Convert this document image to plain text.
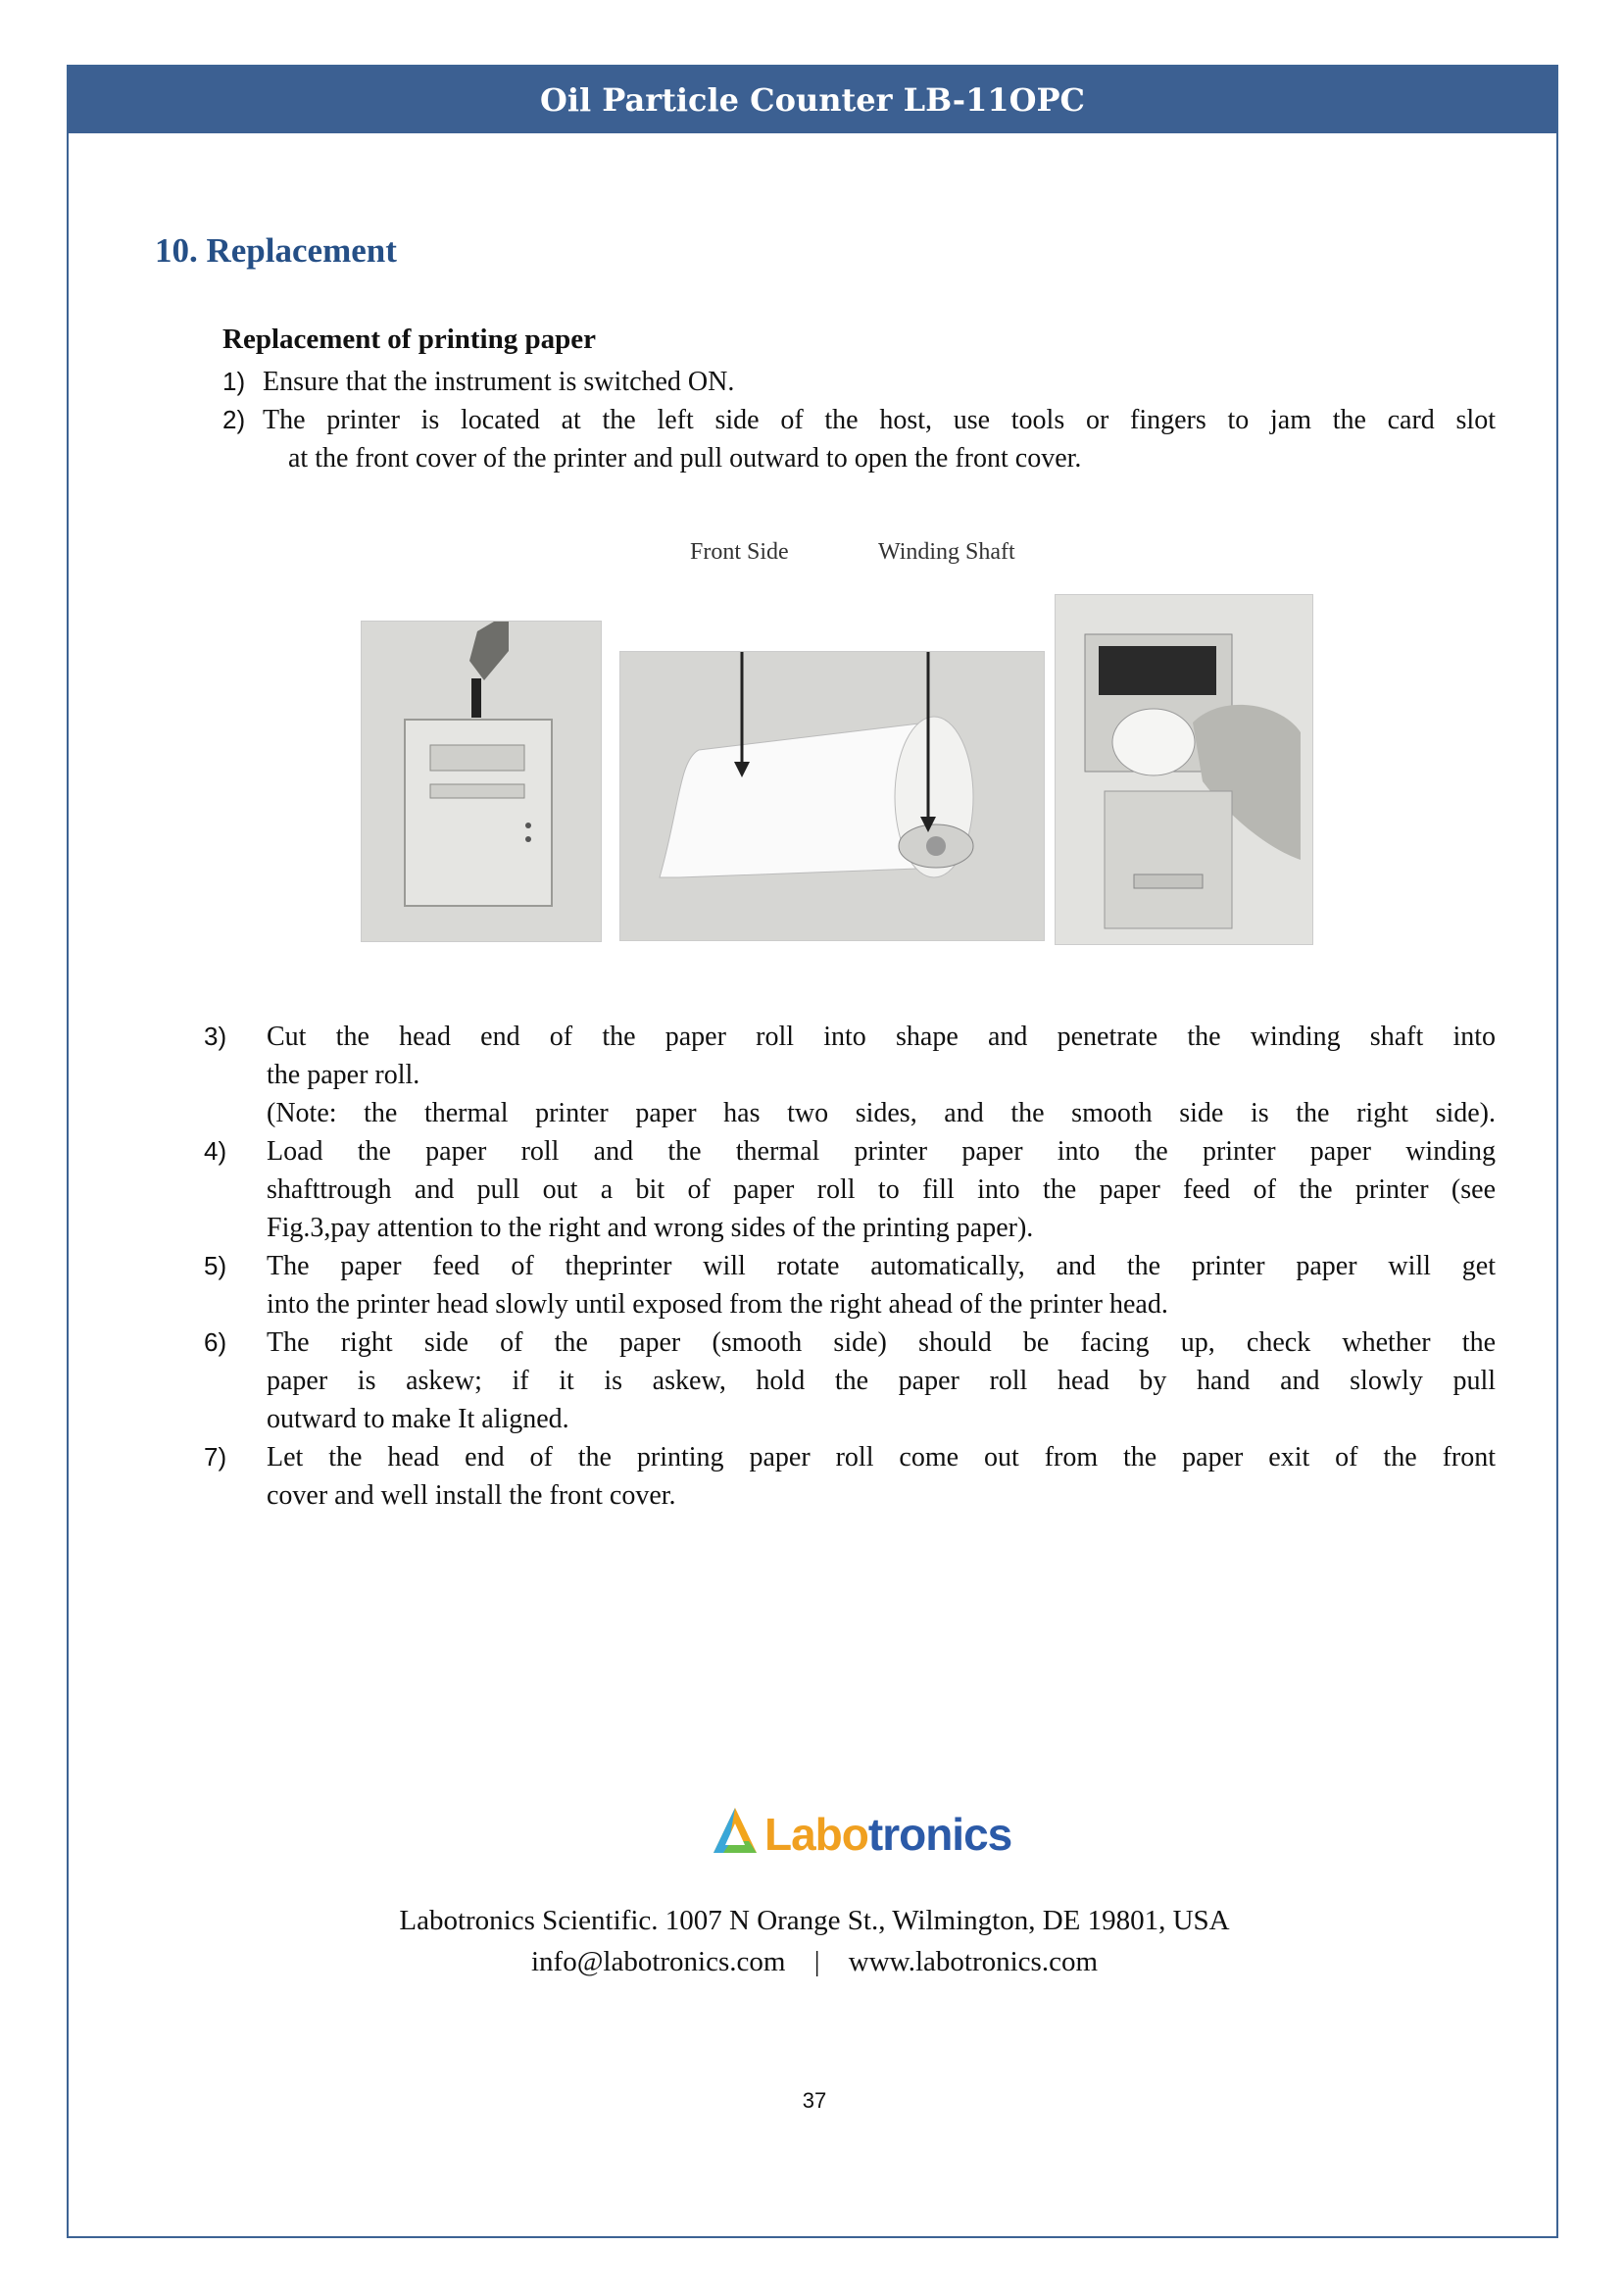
Oil Particle Counter LB-11OPC
10. Replacement
Replacement of printing paper
1) Ensure that the instrument is switched ON.
2) The printer is located at the left side of the host, use tools or fingers to jam the card slot
at the front cover of the printer and pull outward to open the front cover.
Front Side	Winding Shaft
3) Cut the head end of the paper roll into shape and penetrate the winding shaft into
the paper roll.
(Note: the thermal printer paper has two sides, and the smooth side is the right side).
4) Load the paper roll and the thermal printer paper into the printer paper winding
shafttrough and pull out a bit of paper roll to fill into the paper feed of the printer (see
Fig.3,pay attention to the right and wrong sides of the printing paper).
5) The paper feed of theprinter will rotate automatically, and the printer paper will get
into the printer head slowly until exposed from the right ahead of the printer head.
6) The right side of the paper (smooth side) should be facing up, check whether the
paper is askew; if it is askew, hold the paper roll head by hand and slowly pull
outward to make It aligned.
7) Let the head end of the printing paper roll come out from the paper exit of the front
cover and well install the front cover.
Labotronics
Labotronics Scientific. 1007 N Orange St., Wilmington, DE 19801, USA
info@labotronics.com | www.labotronics.com
37
